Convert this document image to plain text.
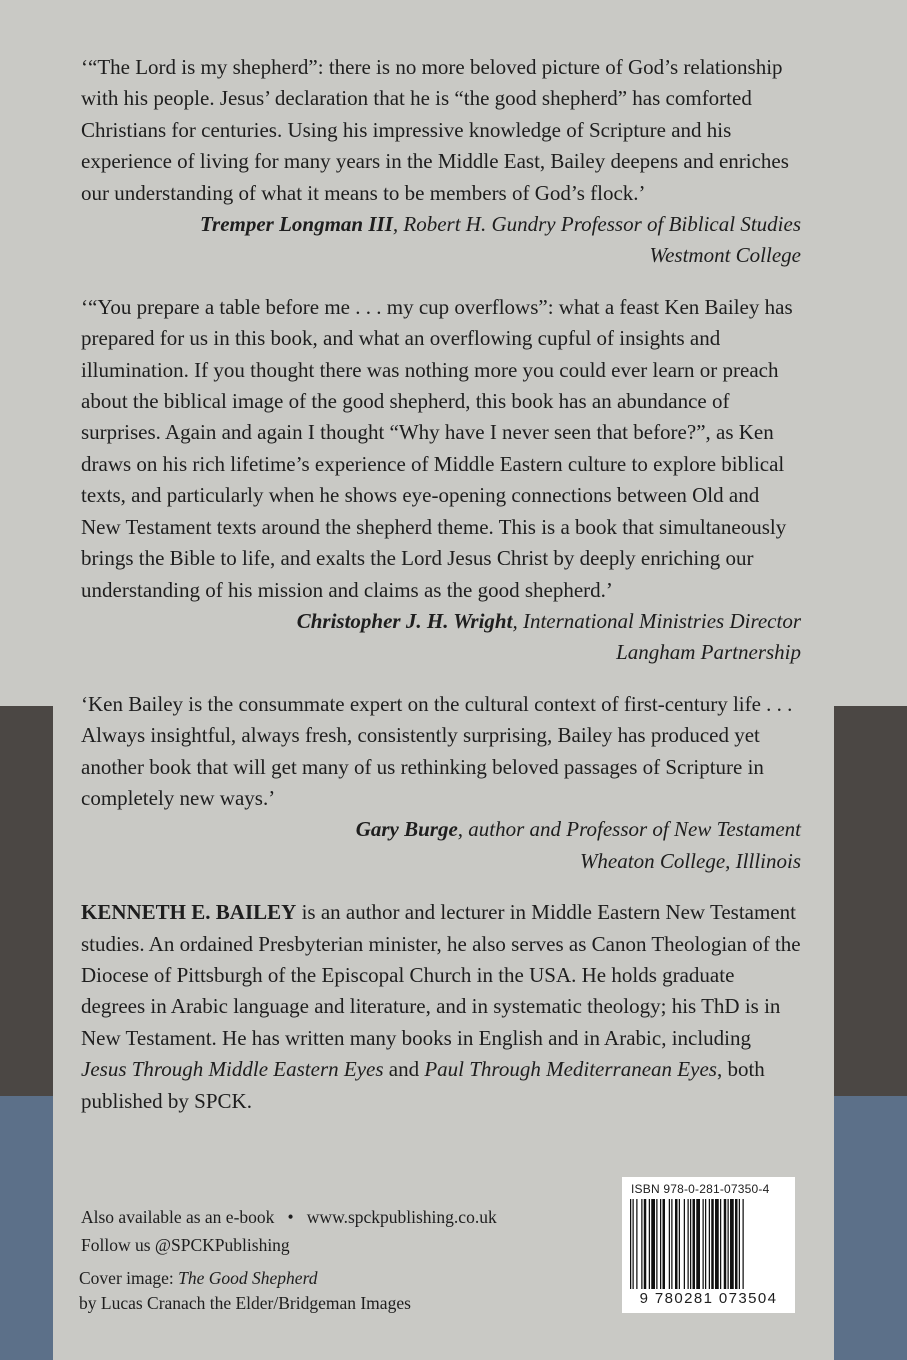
‘“The Lord is my shepherd”: there is no more beloved picture of God’s relationship with his people. Jesus’ declaration that he is “the good shepherd” has comforted Christians for centuries. Using his impressive knowledge of Scripture and his experience of living for many years in the Middle East, Bailey deepens and enriches our understanding of what it means to be members of God’s flock.’

Tremper Longman III, Robert H. Gundry Professor of Biblical Studies
Westmont College

‘“You prepare a table before me . . . my cup overflows”: what a feast Ken Bailey has prepared for us in this book, and what an overflowing cupful of insights and illumination. If you thought there was nothing more you could ever learn or preach about the biblical image of the good shepherd, this book has an abundance of surprises. Again and again I thought “Why have I never seen that before?”, as Ken draws on his rich lifetime’s experience of Middle Eastern culture to explore biblical texts, and particularly when he shows eye-opening connections between Old and New Testament texts around the shepherd theme. This is a book that simultaneously brings the Bible to life, and exalts the Lord Jesus Christ by deeply enriching our understanding of his mission and claims as the good shepherd.’

Christopher J. H. Wright, International Ministries Director
Langham Partnership

‘Ken Bailey is the consummate expert on the cultural context of first-century life . . . Always insightful, always fresh, consistently surprising, Bailey has produced yet another book that will get many of us rethinking beloved passages of Scripture in completely new ways.’

Gary Burge, author and Professor of New Testament
Wheaton College, Illlinois

KENNETH E. BAILEY is an author and lecturer in Middle Eastern New Testament studies. An ordained Presbyterian minister, he also serves as Canon Theologian of the Diocese of Pittsburgh of the Episcopal Church in the USA. He holds graduate degrees in Arabic language and literature, and in systematic theology; his ThD is in New Testament. He has written many books in English and in Arabic, including Jesus Through Middle Eastern Eyes and Paul Through Mediterranean Eyes, both published by SPCK.

Also available as an e-book • www.spckpublishing.co.uk

Follow us @SPCKPublishing

Cover image: The Good Shepherd

by Lucas Cranach the Elder/Bridgeman Images

ISBN 978-0-281-07350-4
9 780281 073504
